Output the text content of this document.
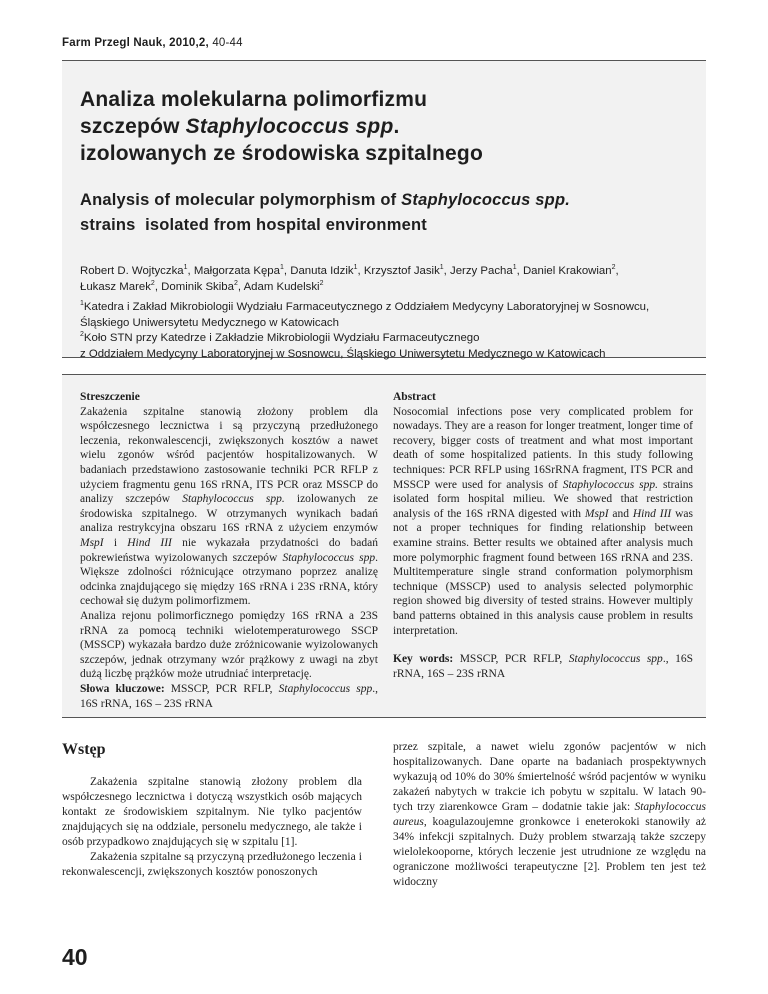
Farm Przegl Nauk, 2010,2, 40-44
Analiza molekularna polimorfizmu
szczepów Staphylococcus spp.
izolowanych ze środowiska szpitalnego
Analysis of molecular polymorphism of Staphylococcus spp.
strains  isolated from hospital environment
Robert D. Wojtyczka$^1$, Małgorzata Kępa$^1$, Danuta Idzik$^1$, Krzysztof Jasik$^1$, Jerzy Pacha$^1$, Daniel Krakowian$^2$,
Łukasz Marek$^2$, Dominik Skiba$^2$, Adam Kudelski$^2$
$^1$Katedra i Zakład Mikrobiologii Wydziału Farmaceutycznego z Oddziałem Medycyny Laboratoryjnej w Sosnowcu,
Śląskiego Uniwersytetu Medycznego w Katowicach
$^2$Koło STN przy Katedrze i Zakładzie Mikrobiologii Wydziału Farmaceutycznego
z Oddziałem Medycyny Laboratoryjnej w Sosnowcu, Śląskiego Uniwersytetu Medycznego w Katowicach
Streszczenie

Zakażenia szpitalne stanowią złożony problem dla współczesnego lecznictwa i są przyczyną przedłużonego leczenia, rekonwalescencji, zwiększonych kosztów a nawet wielu zgonów wśród pacjentów hospitalizowanych. W badaniach przedstawiono zastosowanie techniki PCR RFLP z użyciem fragmentu genu 16S rRNA, ITS PCR oraz MSSCP do analizy szczepów Staphylococcus spp. izolowanych ze środowiska szpitalnego. W otrzymanych wynikach badań analiza restrykcyjna obszaru 16S rRNA z użyciem enzymów MspI i Hind III nie wykazała przydatności do badań pokrewieństwa wyizolowanych szczepów Staphylococcus spp. Większe zdolności różnicujące otrzymano poprzez analizę odcinka znajdującego się między 16S rRNA i 23S rRNA, który cechował się dużym polimorfizmem.

Analiza rejonu polimorficznego pomiędzy 16S rRNA a 23S rRNA za pomocą techniki wielotemperaturowego SSCP (MSSCP) wykazała bardzo duże zróżnicowanie wyizolowanych szczepów, jednak otrzymany wzór prążkowy z uwagi na zbyt dużą liczbę prążków może utrudniać interpretację.

Słowa kluczowe: MSSCP, PCR RFLP, Staphylococcus spp., 16S rRNA, 16S – 23S rRNA
Abstract

Nosocomial infections pose very complicated problem for nowadays. They are a reason for longer treatment, longer time of recovery, bigger costs of treatment and what most important death of some hospitalized patients. In this study following techniques: PCR RFLP using 16SrRNA fragment, ITS PCR and MSSCP were used for analysis of Staphylococcus spp. strains isolated form hospital milieu. We showed that restriction analysis of the 16S rRNA digested with MspI and Hind III was not a proper techniques for finding relationship between examine strains. Better results we obtained after analysis much more polymorphic fragment found between 16S rRNA and 23S. Multitemperature single strand conformation polymorphism technique (MSSCP) used to analysis selected polymorphic region showed big diversity of tested strains. However multiply band patterns obtained in this analysis cause problem in results interpretation.

Key words: MSSCP, PCR RFLP, Staphylococcus spp., 16S rRNA, 16S – 23S rRNA

Wstęp

Zakażenia szpitalne stanowią złożony problem dla współczesnego lecznictwa i dotyczą wszystkich osób mających kontakt ze środowiskiem szpitalnym. Nie tylko pacjentów znajdujących się na oddziale, personelu medycznego, ale także i osób przypadkowo znajdujących się w szpitalu [1].

Zakażenia szpitalne są przyczyną przedłużonego leczenia i rekonwalescencji, zwiększonych kosztów ponoszonych

przez szpitale, a nawet wielu zgonów pacjentów w nich hospitalizowanych. Dane oparte na badaniach prospektywnych wykazują od 10% do 30% śmiertelność wśród pacjentów w wyniku zakażeń nabytych w trakcie ich pobytu w szpitalu. W latach 90-tych trzy ziarenkowce Gram – dodatnie takie jak: Staphylococcus aureus, koagulazoujemne gronkowce i eneterokoki stanowiły aż 34% infekcji szpitalnych. Duży problem stwarzają także szczepy wielolekooporne, których leczenie jest utrudnione ze względu na ograniczone możliwości terapeutyczne [2]. Problem ten jest też widoczny

40
